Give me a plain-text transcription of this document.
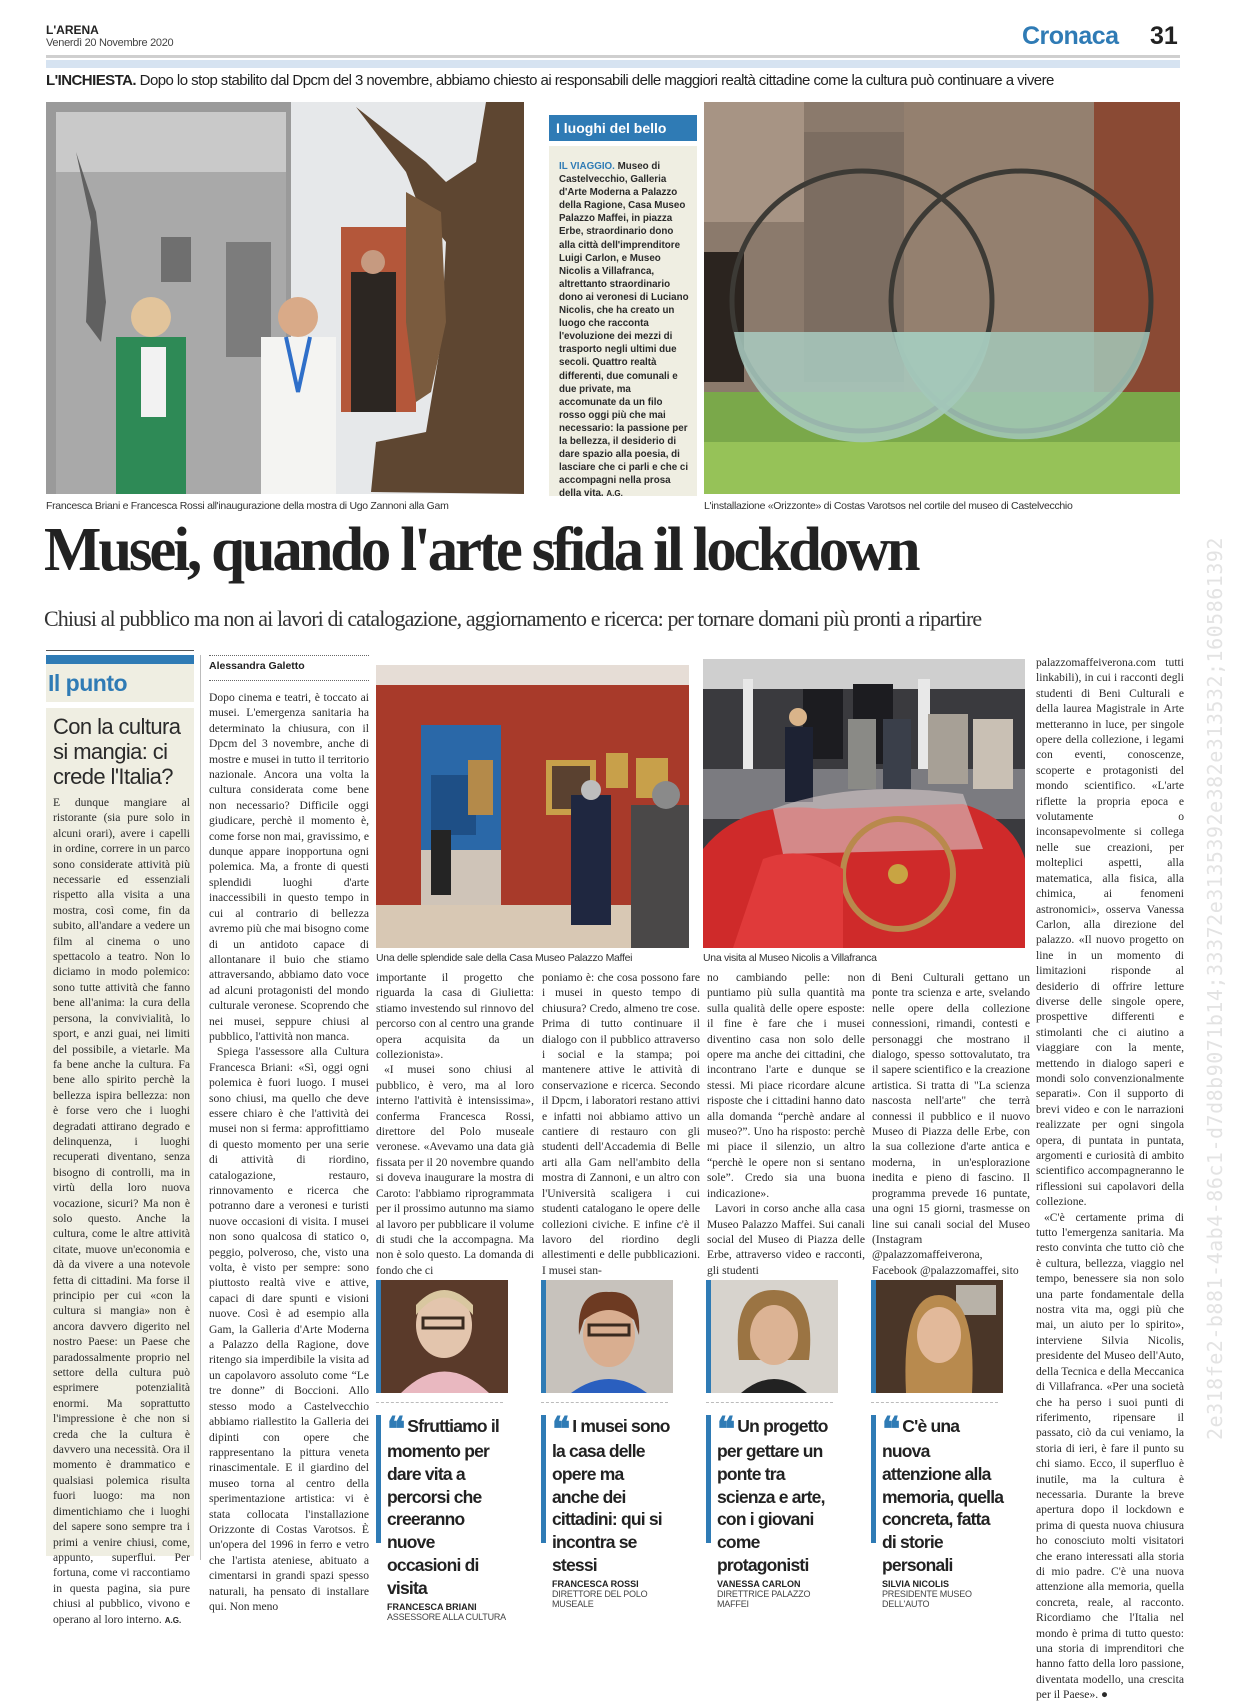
L'ARENA
Venerdì 20 Novembre 2020	Cronaca 31
L'INCHIESTA. Dopo lo stop stabilito dal Dpcm del 3 novembre, abbiamo chiesto ai responsabili delle maggiori realtà cittadine come la cultura può continuare a vivere
Francesca Briani e Francesca Rossi all'inaugurazione della mostra di Ugo Zannoni alla Gam
I luoghi del bello
IL VIAGGIO. Museo di Castelvecchio, Galleria d'Arte Moderna a Palazzo della Ragione, Casa Museo Palazzo Maffei, in piazza Erbe, straordinario dono alla città dell'imprenditore Luigi Carlon, e Museo Nicolis a Villafranca, altrettanto straordinario dono ai veronesi di Luciano Nicolis, che ha creato un luogo che racconta l'evoluzione dei mezzi di trasporto negli ultimi due secoli. Quattro realtà differenti, due comunali e due private, ma accomunate da un filo rosso oggi più che mai necessario: la passione per la bellezza, il desiderio di dare spazio alla poesia, di lasciare che ci parli e che ci accompagni nella prosa della vita. A.G.
L'installazione «Orizzonte» di Costas Varotsos nel cortile del museo di Castelvecchio
Musei, quando l'arte sfida il lockdown
Chiusi al pubblico ma non ai lavori di catalogazione, aggiornamento e ricerca: per tornare domani più pronti a ripartire
Il punto
Con la cultura si mangia: ci crede l'Italia?
E dunque mangiare al ristorante (sia pure solo in alcuni orari), avere i capelli in ordine, correre in un parco sono considerate attività più necessarie ed essenziali rispetto alla visita a una mostra, così come, fin da subito, all'andare a vedere un film al cinema o uno spettacolo a teatro. Non lo diciamo in modo polemico: sono tutte attività che fanno bene all'anima: la cura della persona, la convivialità, lo sport, e anzi guai, nei limiti del possibile, a vietarle. Ma fa bene anche la cultura. Fa bene allo spirito perchè la bellezza ispira bellezza: non è forse vero che i luoghi degradati attirano degrado e delinquenza, i luoghi recuperati diventano, senza bisogno di controlli, ma in virtù della loro nuova vocazione, sicuri? Ma non è solo questo. Anche la cultura, come le altre attività citate, muove un'economia e dà da vivere a una notevole fetta di cittadini. Ma forse il principio per cui «con la cultura si mangia» non è ancora davvero digerito nel nostro Paese: un Paese che paradossalmente proprio nel settore della cultura può esprimere potenzialità enormi. Ma soprattutto l'impressione è che non si creda che la cultura è davvero una necessità. Ora il momento è drammatico e qualsiasi polemica risulta fuori luogo: ma non dimentichiamo che i luoghi del sapere sono sempre tra i primi a venire chiusi, come, appunto, superflui. Per fortuna, come vi raccontiamo in questa pagina, sia pure chiusi al pubblico, vivono e operano al loro interno. A.G.
Alessandra Galetto

Dopo cinema e teatri, è toccato ai musei. L'emergenza sanitaria ha determinato la chiusura, con il Dpcm del 3 novembre, anche di mostre e musei in tutto il territorio nazionale. Ancora una volta la cultura considerata come bene non necessario? Difficile oggi giudicare, perchè il momento è, come forse non mai, gravissimo, e dunque appare inopportuna ogni polemica. Ma, a fronte di questi splendidi luoghi d'arte inaccessibili in questo tempo in cui al contrario di bellezza avremo più che mai bisogno come di un antidoto capace di allontanare il buio che stiamo attraversando, abbiamo dato voce ad alcuni protagonisti del mondo culturale veronese. Scoprendo che nei musei, seppure chiusi al pubblico, l'attività non manca.

Spiega l'assessore alla Cultura Francesca Briani: «Sì, oggi ogni polemica è fuori luogo. I musei sono chiusi, ma quello che deve essere chiaro è che l'attività dei musei non si ferma: approfittiamo di questo momento per una serie di attività di riordino, catalogazione, restauro, rinnovamento e ricerca che potranno dare a veronesi e turisti nuove occasioni di visita. I musei non sono qualcosa di statico o, peggio, polveroso, che, visto una volta, è visto per sempre: sono piuttosto realtà vive e attive, capaci di dare spunti e visioni nuove. Così è ad esempio alla Gam, la Galleria d'Arte Moderna a Palazzo della Ragione, dove ritengo sia imperdibile la visita ad un capolavoro assoluto come “Le tre donne” di Boccioni. Allo stesso modo a Castelvecchio abbiamo riallestito la Galleria dei dipinti con opere che rappresentano la pittura veneta rinascimentale. E il giardino del museo torna al centro della sperimentazione artistica: vi è stata collocata l'installazione Orizzonte di Costas Varotsos. È un'opera del 1996 in ferro e vetro che l'artista ateniese, abituato a cimentarsi in grandi spazi spesso naturali, ha pensato di installare qui. Non meno

Una delle splendide sale della Casa Museo Palazzo Maffei	Una visita al Museo Nicolis a Villafranca

importante il progetto che riguarda la casa di Giulietta: stiamo investendo sul rinnovo del percorso con al centro una grande opera acquisita da un collezionista».

«I musei sono chiusi al pubblico, è vero, ma al loro interno l'attività è intensissima», conferma Francesca Rossi, direttore del Polo museale veronese. «Avevamo una data già fissata per il 20 novembre quando si doveva inaugurare la mostra di Caroto: l'abbiamo riprogrammata per il prossimo autunno ma siamo al lavoro per pubblicare il volume di studi che la accompagna. Ma non è solo questo. La domanda di fondo che ci

poniamo è: che cosa possono fare i musei in questo tempo di chiusura? Credo, almeno tre cose. Prima di tutto continuare il dialogo con il pubblico attraverso i social e la stampa; poi mantenere attive le attività di conservazione e ricerca. Secondo il Dpcm, i laboratori restano attivi e infatti noi abbiamo attivo un cantiere di restauro con gli studenti dell'Accademia di Belle arti alla Gam nell'ambito della mostra di Zannoni, e un altro con l'Università scaligera i cui studenti catalogano le opere delle collezioni civiche. E infine c'è il lavoro del riordino degli allestimenti e delle pubblicazioni. I musei stan-

no cambiando pelle: non puntiamo più sulla quantità ma sulla qualità delle opere esposte: il fine è fare che i musei diventino casa non solo delle opere ma anche dei cittadini, che incontrano l'arte e dunque se stessi. Mi piace ricordare alcune risposte che i cittadini hanno dato alla domanda “perchè andare al museo?”. Uno ha risposto: perchè mi piace il silenzio, un altro “perchè le opere non si sentano sole”. Credo sia una buona indicazione».

Lavori in corso anche alla casa Museo Palazzo Maffei. Sui canali social del Museo di Piazza delle Erbe, attraverso video e racconti, gli studenti

di Beni Culturali gettano un ponte tra scienza e arte, svelando nelle opere della collezione connessioni, rimandi, contesti e personaggi che mostrano il dialogo, spesso sottovalutato, tra il sapere scientifico e la creazione artistica. Si tratta di "La scienza nascosta nell'arte" che terrà connessi il pubblico e il nuovo Museo di Piazza delle Erbe, con la sua collezione d'arte antica e moderna, in un'esplorazione inedita e pieno di fascino. Il programma prevede 16 puntate, una ogni 15 giorni, trasmesse on line sui canali social del Museo (Instagram @palazzomaffeiverona, Facebook @palazzomaffei, sito

palazzomaffeiverona.com tutti linkabili), in cui i racconti degli studenti di Beni Culturali e della laurea Magistrale in Arte metteranno in luce, per singole opere della collezione, i legami con eventi, conoscenze, scoperte e protagonisti del mondo scientifico. «L'arte riflette la propria epoca e volutamente o inconsapevolmente si collega nelle sue creazioni, per molteplici aspetti, alla matematica, alla fisica, alla chimica, ai fenomeni astronomici», osserva Vanessa Carlon, alla direzione del palazzo. «Il nuovo progetto on line in un momento di limitazioni risponde al desiderio di offrire letture diverse delle singole opere, prospettive differenti e stimolanti che ci aiutino a viaggiare con la mente, mettendo in dialogo saperi e mondi solo convenzionalmente separati». Con il supporto di brevi video e con le narrazioni realizzate per ogni singola opera, di puntata in puntata, argomenti e curiosità di ambito scientifico accompagneranno le riflessioni sui capolavori della collezione.

«C'è certamente prima di tutto l'emergenza sanitaria. Ma resto convinta che tutto ciò che è cultura, bellezza, viaggio nel tempo, benessere sia non solo una parte fondamentale della nostra vita ma, oggi più che mai, un aiuto per lo spirito», interviene Silvia Nicolis, presidente del Museo dell'Auto, della Tecnica e della Meccanica di Villafranca. «Per una società che ha perso i suoi punti di riferimento, ripensare il passato, ciò da cui veniamo, la storia di ieri, è fare il punto su chi siamo. Ecco, il superfluo è inutile, ma la cultura è necessaria. Durante la breve apertura dopo il lockdown e prima di questa nuova chiusura ho conosciuto molti visitatori che erano interessati alla storia di mio padre. C'è una nuova attenzione alla memoria, quella concreta, reale, al racconto. Ricordiamo che l'Italia nel mondo è prima di tutto questo: una storia di imprenditori che hanno fatto della loro passione, diventata modello, una crescita per il Paese». ●

❝ Sfruttiamo il momento per dare vita a percorsi che creeranno nuove occasioni di visita
FRANCESCA BRIANI
ASSESSORE ALLA CULTURA
❝ I musei sono la casa delle opere ma anche dei cittadini: qui si incontra se stessi
FRANCESCA ROSSI
DIRETTORE DEL POLO MUSEALE
❝ Un progetto per gettare un ponte tra scienza e arte, con i giovani come protagonisti
VANESSA CARLON
DIRETTRICE PALAZZO MAFFEI
❝ C'è una nuova attenzione alla memoria, quella concreta, fatta di storie personali
SILVIA NICOLIS
PRESIDENTE MUSEO DELL'AUTO
2e318fe2-b881-4ab4-86c1-d7d8b9071b14;33372e3135392e382e313532;1605861392
